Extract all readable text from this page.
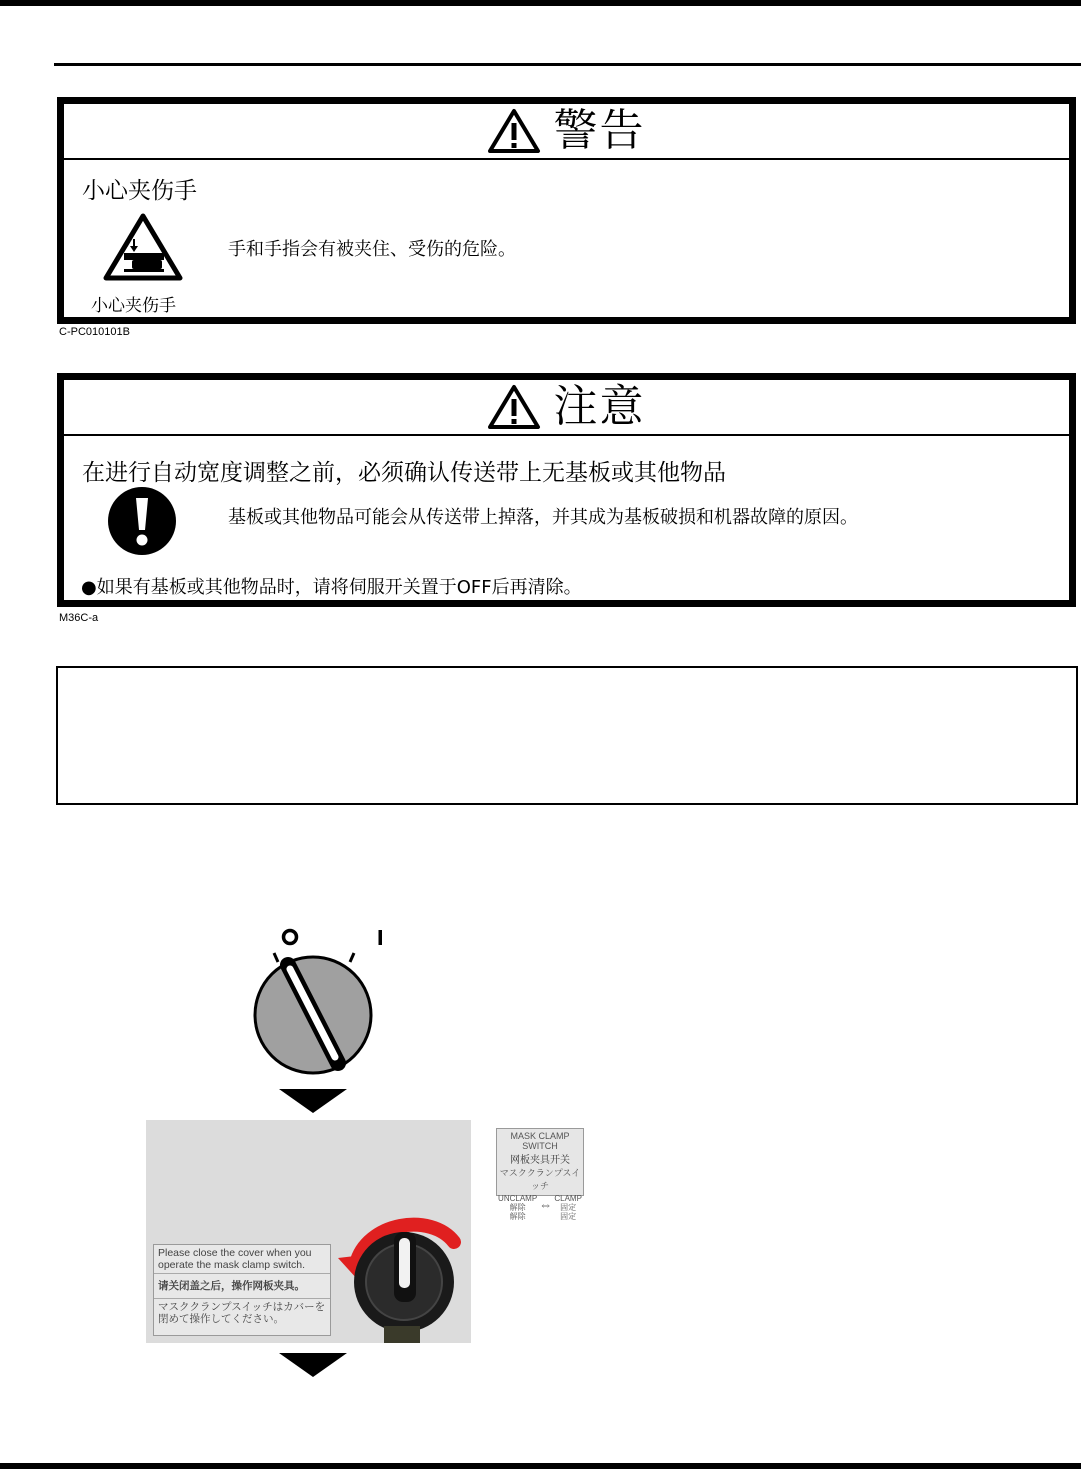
警告
小心夹伤手
小心夹伤手
手和手指会有被夹住、受伤的危险。
C-PC010101B
注意
在进行自动宽度调整之前，必须确认传送带上无基板或其他物品
基板或其他物品可能会从传送带上掉落，并其成为基板破损和机器故障的原因。
●如果有基板或其他物品时，请将伺服开关置于OFF后再清除。
M36C-a
MASK CLAMP SWITCH
网板夹具开关
マスククランプスイッチ
UNCLAMP
解除
解除
⇔ CLAMP
固定
固定
Please close the cover when you operate the mask clamp switch.
请关闭盖之后，操作网板夹具。
マスククランプスイッチはカバーを閉めて操作してください。
